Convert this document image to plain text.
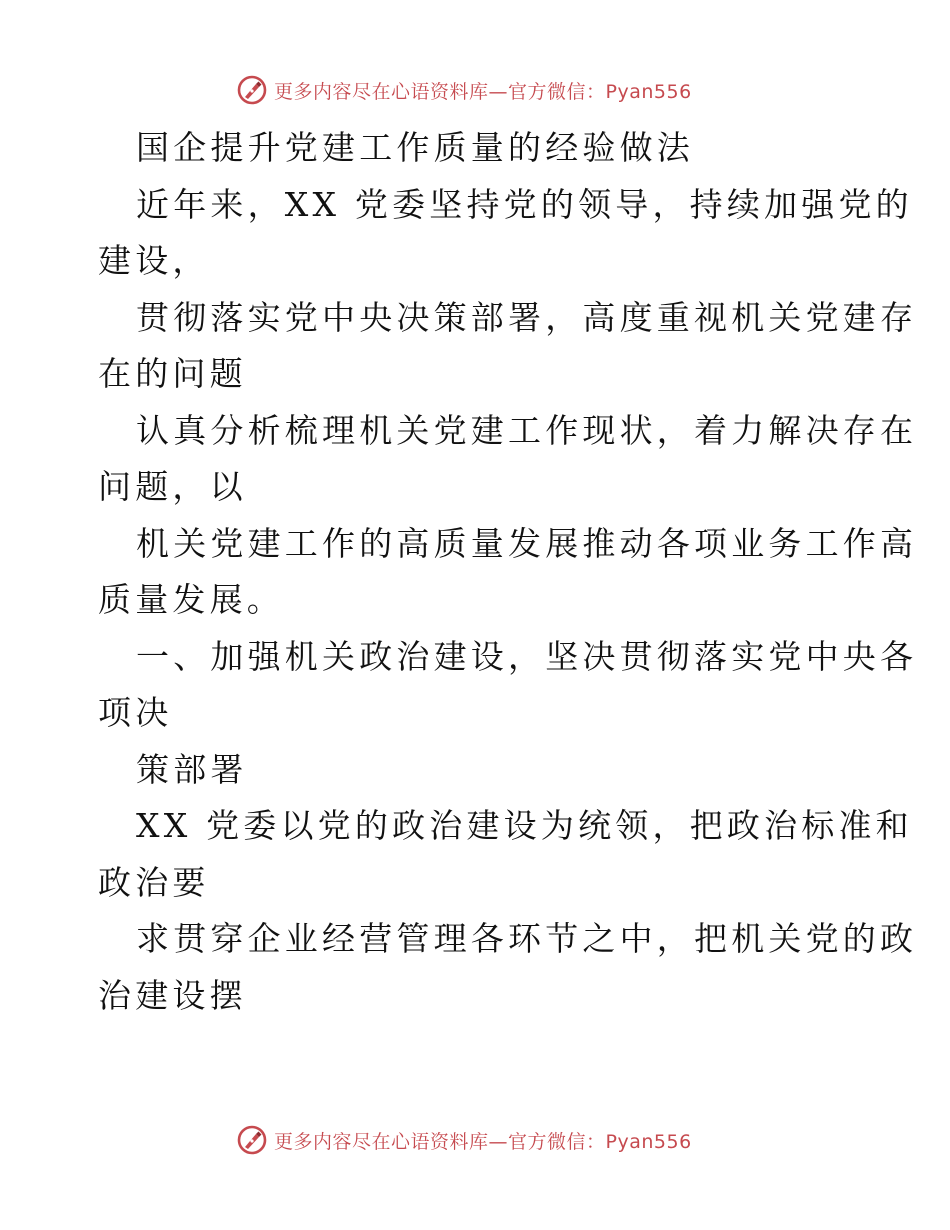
更多内容尽在心语资料库—官方微信：Pyan556
国企提升党建工作质量的经验做法
近年来，XX 党委坚持党的领导，持续加强党的
建设，
贯彻落实党中央决策部署，高度重视机关党建存
在的问题
认真分析梳理机关党建工作现状，着力解决存在
问题，以
机关党建工作的高质量发展推动各项业务工作高
质量发展。
一、加强机关政治建设，坚决贯彻落实党中央各
项决
策部署
XX 党委以党的政治建设为统领，把政治标准和
政治要
求贯穿企业经营管理各环节之中，把机关党的政
治建设摆
更多内容尽在心语资料库—官方微信：Pyan556
